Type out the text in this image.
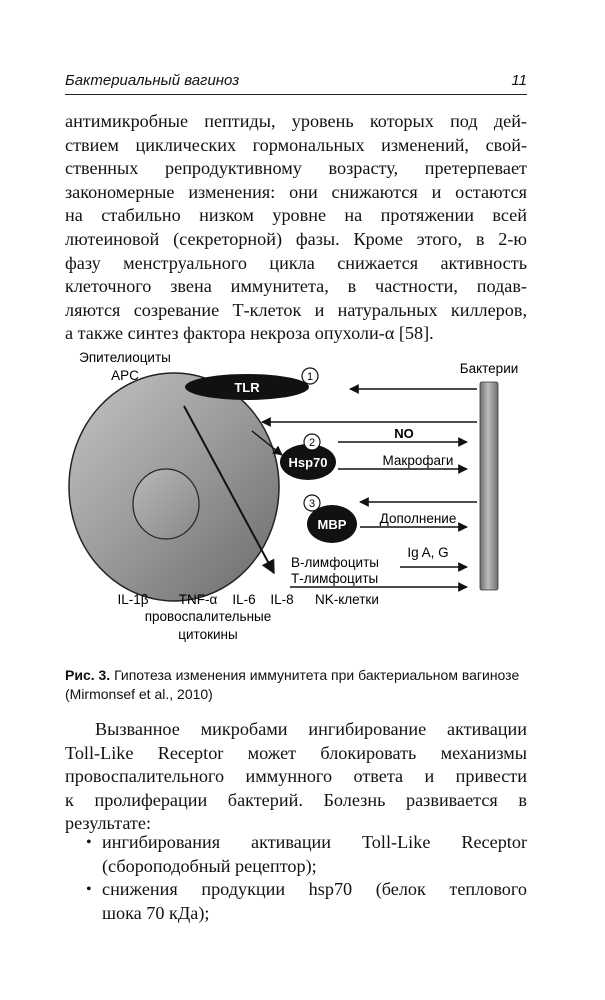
Бактериальный вагиноз	11
антимикробные пептиды, уровень которых под дей-
ствием циклических гормональных изменений, свой-
ственных репродуктивному возрасту, претерпевает
закономерные изменения: они снижаются и остаются
на стабильно низком уровне на протяжении всей
лютеиновой (секреторной) фазы. Кроме этого, в 2-ю
фазу менструального цикла снижается активность
клеточного звена иммунитета, в частности, подав-
ляются созревание Т-клеток и натуральных киллеров,
а также синтез фактора некроза опухоли-α [58].
TLR
1
Hsp70
2
MBP
3
Эпителиоциты
APC	Бактерии
NO
Макрофаги
Дополнение
Ig A, G
В-лимфоциты
Т-лимфоциты
NK-клетки
IL-1β TNF-α IL-6 IL-8
провоспалительные
цитокины
Рис. 3. Гипотеза изменения иммунитета при бактериальном вагинозе
(Mirmonsef et al., 2010)
Вызванное микробами ингибирование активации
Toll-Like Receptor может блокировать механизмы
провоспалительного иммунного ответа и привести
к пролиферации бактерий. Болезнь развивается в
результате:
• ингибирования активации Toll-Like Receptor
(сбороподобный рецептор);
• снижения продукции hsp70 (белок теплового
шока 70 кДа);
